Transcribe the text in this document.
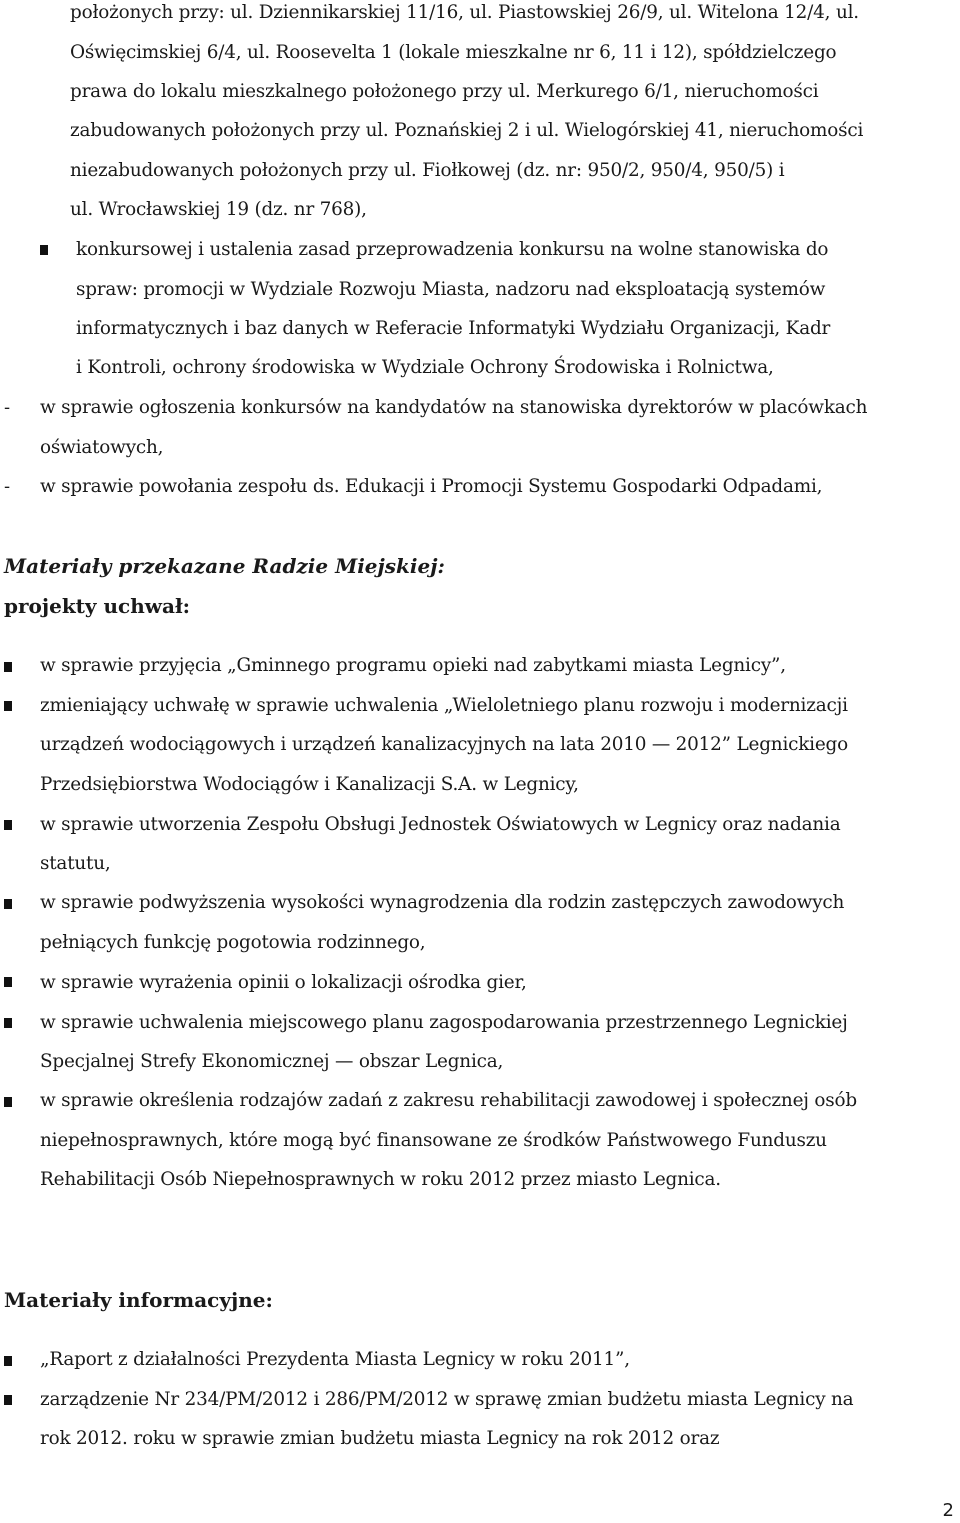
położonych przy: ul. Dziennikarskiej 11/16, ul. Piastowskiej 26/9, ul. Witelona 12/4, ul.
Oświęcimskiej 6/4, ul. Roosevelta 1 (lokale mieszkalne nr 6, 11 i 12), spółdzielczego
prawa do lokalu mieszkalnego położonego przy ul. Merkurego 6/1, nieruchomości
zabudowanych położonych przy ul. Poznańskiej 2 i ul. Wielogórskiej 41, nieruchomości
niezabudowanych położonych przy ul. Fiołkowej (dz. nr: 950/2, 950/4, 950/5) i
ul. Wrocławskiej 19 (dz. nr 768),
konkursowej i ustalenia zasad przeprowadzenia konkursu na wolne stanowiska do
spraw: promocji w Wydziale Rozwoju Miasta, nadzoru nad eksploatacją systemów
informatycznych i baz danych w Referacie Informatyki Wydziału Organizacji, Kadr
i Kontroli, ochrony środowiska w Wydziale Ochrony Środowiska i Rolnictwa,
- w sprawie ogłoszenia konkursów na kandydatów na stanowiska dyrektorów w placówkach
oświatowych,
- w sprawie powołania zespołu ds. Edukacji i Promocji Systemu Gospodarki Odpadami,
Materiały przekazane Radzie Miejskiej:
projekty uchwał:
w sprawie przyjęcia „Gminnego programu opieki nad zabytkami miasta Legnicy”,
zmieniający uchwałę w sprawie uchwalenia „Wieloletniego planu rozwoju i modernizacji
urządzeń wodociągowych i urządzeń kanalizacyjnych na lata 2010 — 2012” Legnickiego
Przedsiębiorstwa Wodociągów i Kanalizacji S.A. w Legnicy,
w sprawie utworzenia Zespołu Obsługi Jednostek Oświatowych w Legnicy oraz nadania
statutu,
w sprawie podwyższenia wysokości wynagrodzenia dla rodzin zastępczych zawodowych
pełniących funkcję pogotowia rodzinnego,
w sprawie wyrażenia opinii o lokalizacji ośrodka gier,
w sprawie uchwalenia miejscowego planu zagospodarowania przestrzennego Legnickiej
Specjalnej Strefy Ekonomicznej — obszar Legnica,
w sprawie określenia rodzajów zadań z zakresu rehabilitacji zawodowej i społecznej osób
niepełnosprawnych, które mogą być finansowane ze środków Państwowego Funduszu
Rehabilitacji Osób Niepełnosprawnych w roku 2012 przez miasto Legnica.
Materiały informacyjne:
„Raport z działalności Prezydenta Miasta Legnicy w roku 2011”,
zarządzenie Nr 234/PM/2012 i 286/PM/2012 w sprawę zmian budżetu miasta Legnicy na
rok 2012. roku w sprawie zmian budżetu miasta Legnicy na rok 2012 oraz
2
